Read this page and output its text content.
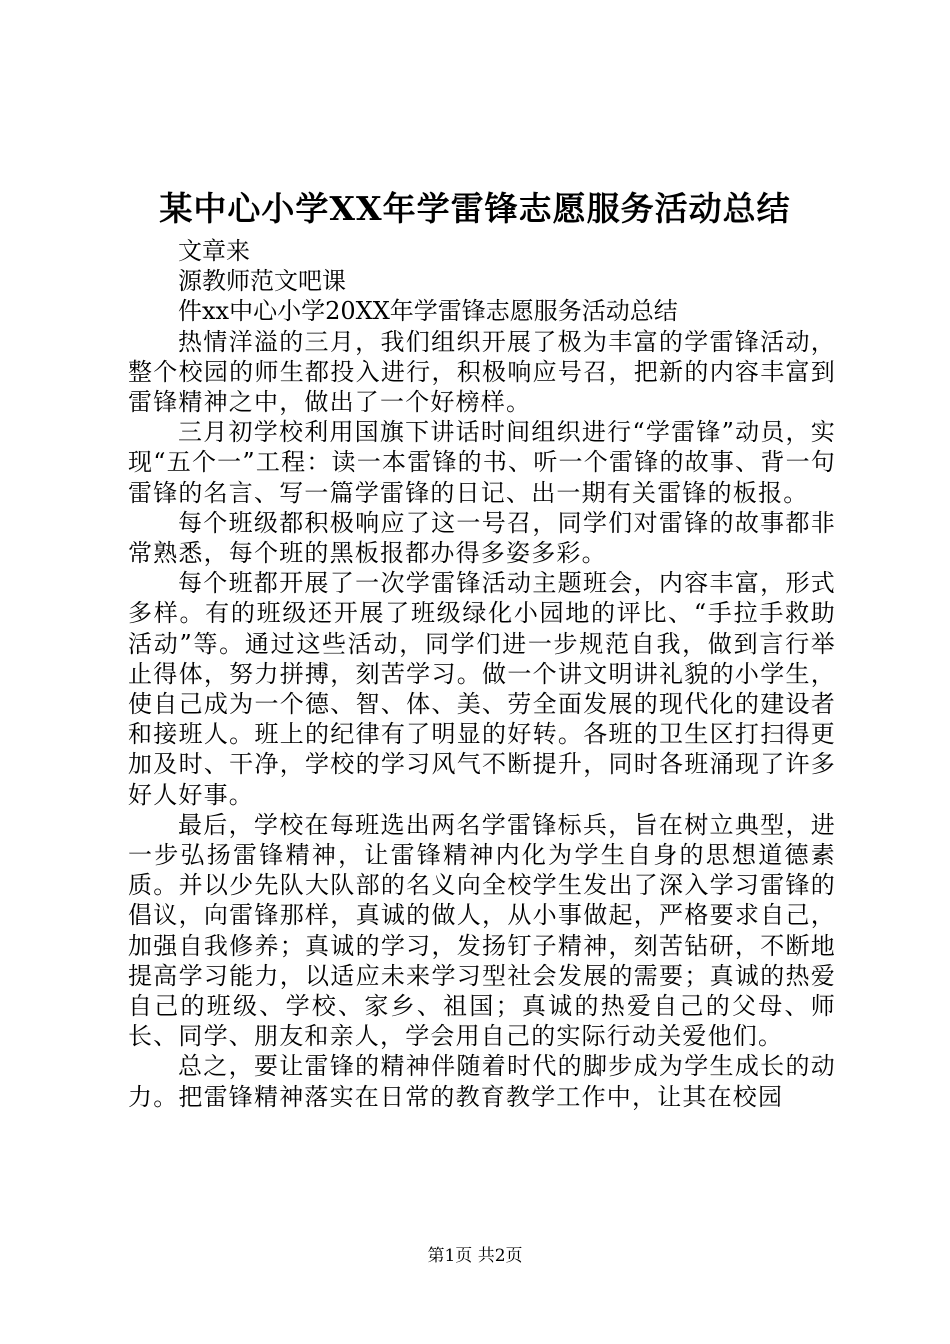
某中心小学XX年学雷锋志愿服务活动总结

文章来

源教师范文吧课

件xx中心小学20XX年学雷锋志愿服务活动总结

热情洋溢的三月，我们组织开展了极为丰富的学雷锋活动，整个校园的师生都投入进行，积极响应号召，把新的内容丰富到雷锋精神之中，做出了一个好榜样。

三月初学校利用国旗下讲话时间组织进行“学雷锋”动员，实现“五个一”工程：读一本雷锋的书、听一个雷锋的故事、背一句雷锋的名言、写一篇学雷锋的日记、出一期有关雷锋的板报。

每个班级都积极响应了这一号召，同学们对雷锋的故事都非常熟悉，每个班的黑板报都办得多姿多彩。

每个班都开展了一次学雷锋活动主题班会，内容丰富，形式多样。有的班级还开展了班级绿化小园地的评比、“手拉手救助活动”等。通过这些活动，同学们进一步规范自我，做到言行举止得体，努力拼搏，刻苦学习。做一个讲文明讲礼貌的小学生，使自己成为一个德、智、体、美、劳全面发展的现代化的建设者和接班人。班上的纪律有了明显的好转。各班的卫生区打扫得更加及时、干净，学校的学习风气不断提升，同时各班涌现了许多好人好事。

最后，学校在每班选出两名学雷锋标兵，旨在树立典型，进一步弘扬雷锋精神，让雷锋精神内化为学生自身的思想道德素质。并以少先队大队部的名义向全校学生发出了深入学习雷锋的倡议，向雷锋那样，真诚的做人，从小事做起，严格要求自己，加强自我修养；真诚的学习，发扬钉子精神，刻苦钻研，不断地提高学习能力，以适应未来学习型社会发展的需要；真诚的热爱自己的班级、学校、家乡、祖国；真诚的热爱自己的父母、师长、同学、朋友和亲人，学会用自己的实际行动关爱他们。

总之，要让雷锋的精神伴随着时代的脚步成为学生成长的动力。把雷锋精神落实在日常的教育教学工作中，让其在校园

第1页 共2页
